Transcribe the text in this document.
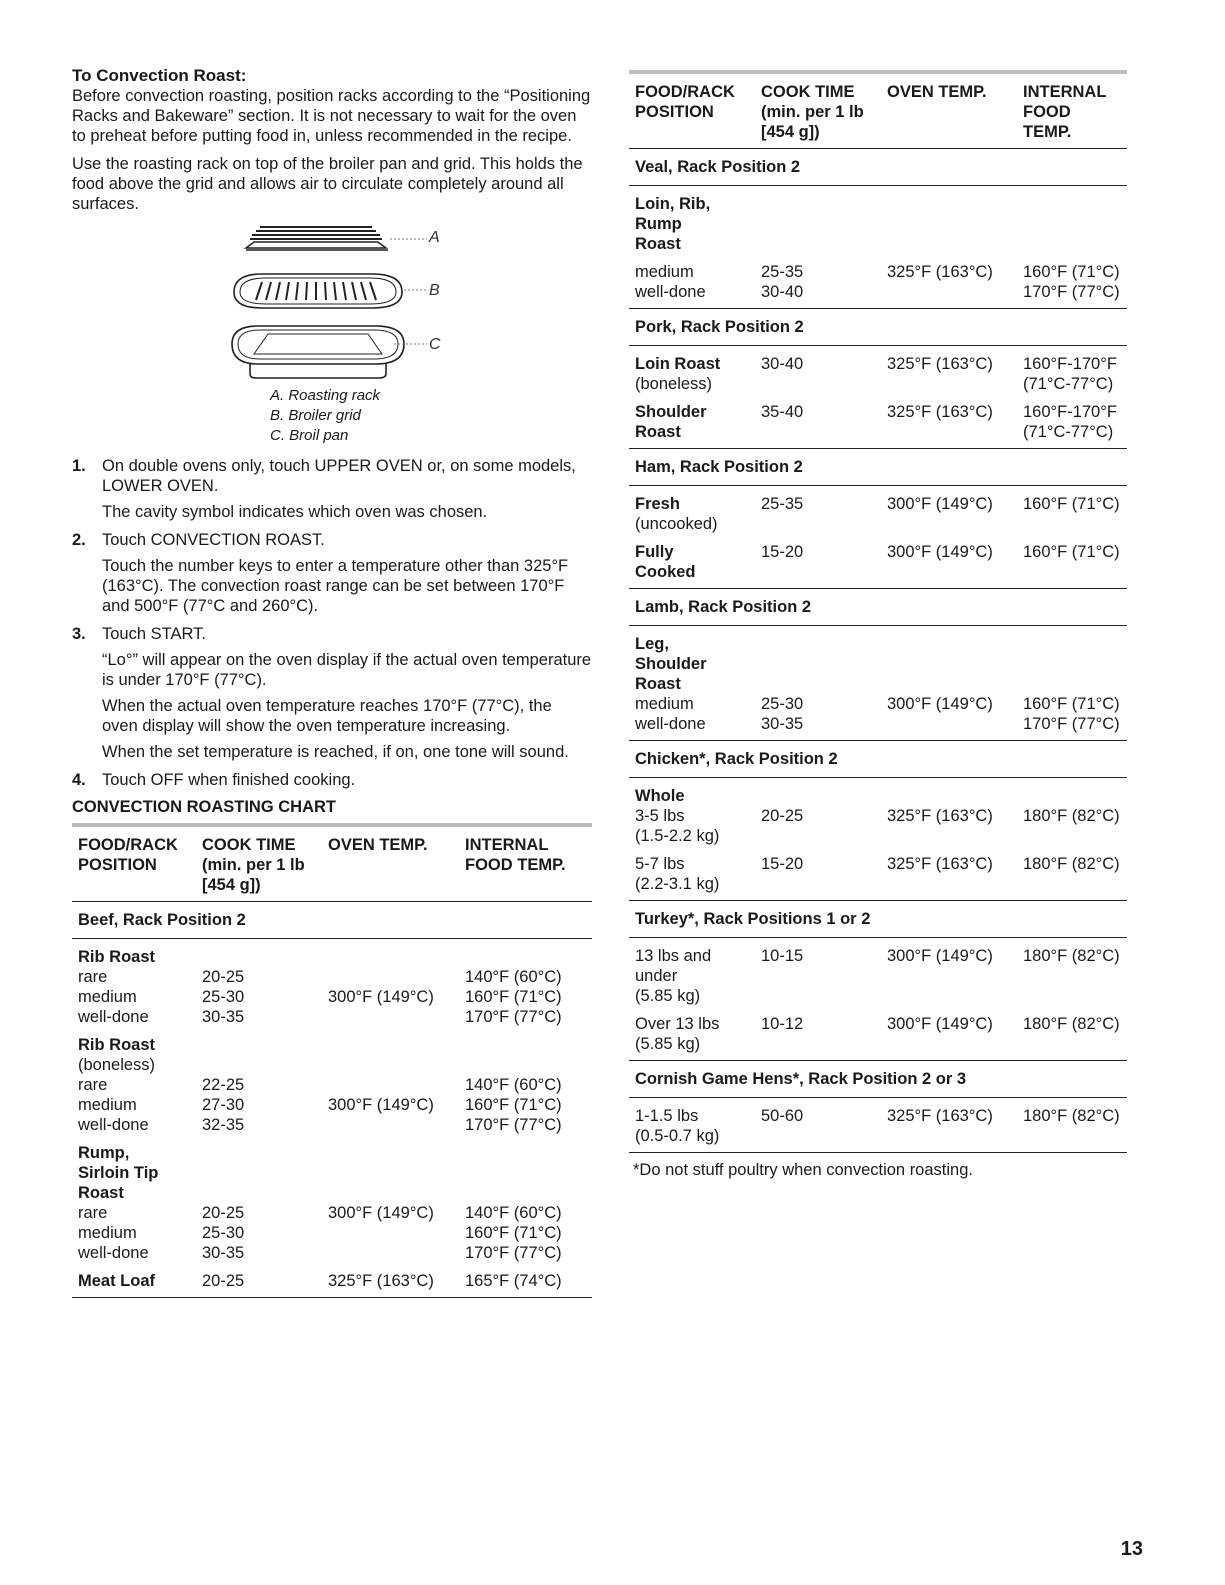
To Convection Roast:

Before convection roasting, position racks according to the “Positioning Racks and Bakeware” section. It is not necessary to wait for the oven to preheat before putting food in, unless recommended in the recipe.

Use the roasting rack on top of the broiler pan and grid. This holds the food above the grid and allows air to circulate completely around all surfaces.

A
B
C
A. Roasting rack
B. Broiler grid
C. Broil pan
1. On double ovens only, touch UPPER OVEN or, on some models, LOWER OVEN.
The cavity symbol indicates which oven was chosen.
2. Touch CONVECTION ROAST.
Touch the number keys to enter a temperature other than 325°F (163°C). The convection roast range can be set between 170°F and 500°F (77°C and 260°C).
3. Touch START.
“Lo°” will appear on the oven display if the actual oven temperature is under 170°F (77°C).
When the actual oven temperature reaches 170°F (77°C), the oven display will show the oven temperature increasing.
When the set temperature is reached, if on, one tone will sound.
4. Touch OFF when finished cooking.
CONVECTION ROASTING CHART
FOOD/RACK POSITION	COOK TIME (min. per 1 lb [454 g])	OVEN TEMP.	INTERNAL FOOD TEMP.
Beef, Rack Position 2			
Rib Roast			
rare	20-25		140°F (60°C)
medium	25-30	300°F (149°C)	160°F (71°C)
well-done	30-35		170°F (77°C)
Rib Roast			
(boneless)			
rare	22-25		140°F (60°C)
medium	27-30	300°F (149°C)	160°F (71°C)
well-done	32-35		170°F (77°C)
Rump,			
Sirloin Tip			
Roast			
rare	20-25	300°F (149°C)	140°F (60°C)
medium	25-30		160°F (71°C)
well-done	30-35		170°F (77°C)
Meat Loaf	20-25	325°F (163°C)	165°F (74°C)
FOOD/RACK POSITION	COOK TIME (min. per 1 lb [454 g])	OVEN TEMP.	INTERNAL FOOD TEMP.
Veal, Rack Position 2			
Loin, Rib,			
Rump			
Roast			
medium	25-35	325°F (163°C)	160°F (71°C)
well-done	30-40		170°F (77°C)
Pork, Rack Position 2			
Loin Roast	30-40	325°F (163°C)	160°F-170°F
(boneless)			(71°C-77°C)
Shoulder	35-40	325°F (163°C)	160°F-170°F
Roast			(71°C-77°C)
Ham, Rack Position 2			
Fresh	25-35	300°F (149°C)	160°F (71°C)
(uncooked)			
Fully	15-20	300°F (149°C)	160°F (71°C)
Cooked			
Lamb, Rack Position 2			
Leg,			
Shoulder			
Roast			
medium	25-30	300°F (149°C)	160°F (71°C)
well-done	30-35		170°F (77°C)
Chicken*, Rack Position 2			
Whole			
3-5 lbs	20-25	325°F (163°C)	180°F (82°C)
(1.5-2.2 kg)			
5-7 lbs	15-20	325°F (163°C)	180°F (82°C)
(2.2-3.1 kg)			
Turkey*, Rack Positions 1 or 2			
13 lbs and	10-15	300°F (149°C)	180°F (82°C)
under			
(5.85 kg)			
Over 13 lbs	10-12	300°F (149°C)	180°F (82°C)
(5.85 kg)			
Cornish Game Hens*, Rack Position 2 or 3			
1-1.5 lbs	50-60	325°F (163°C)	180°F (82°C)
(0.5-0.7 kg)			
*Do not stuff poultry when convection roasting.
13
